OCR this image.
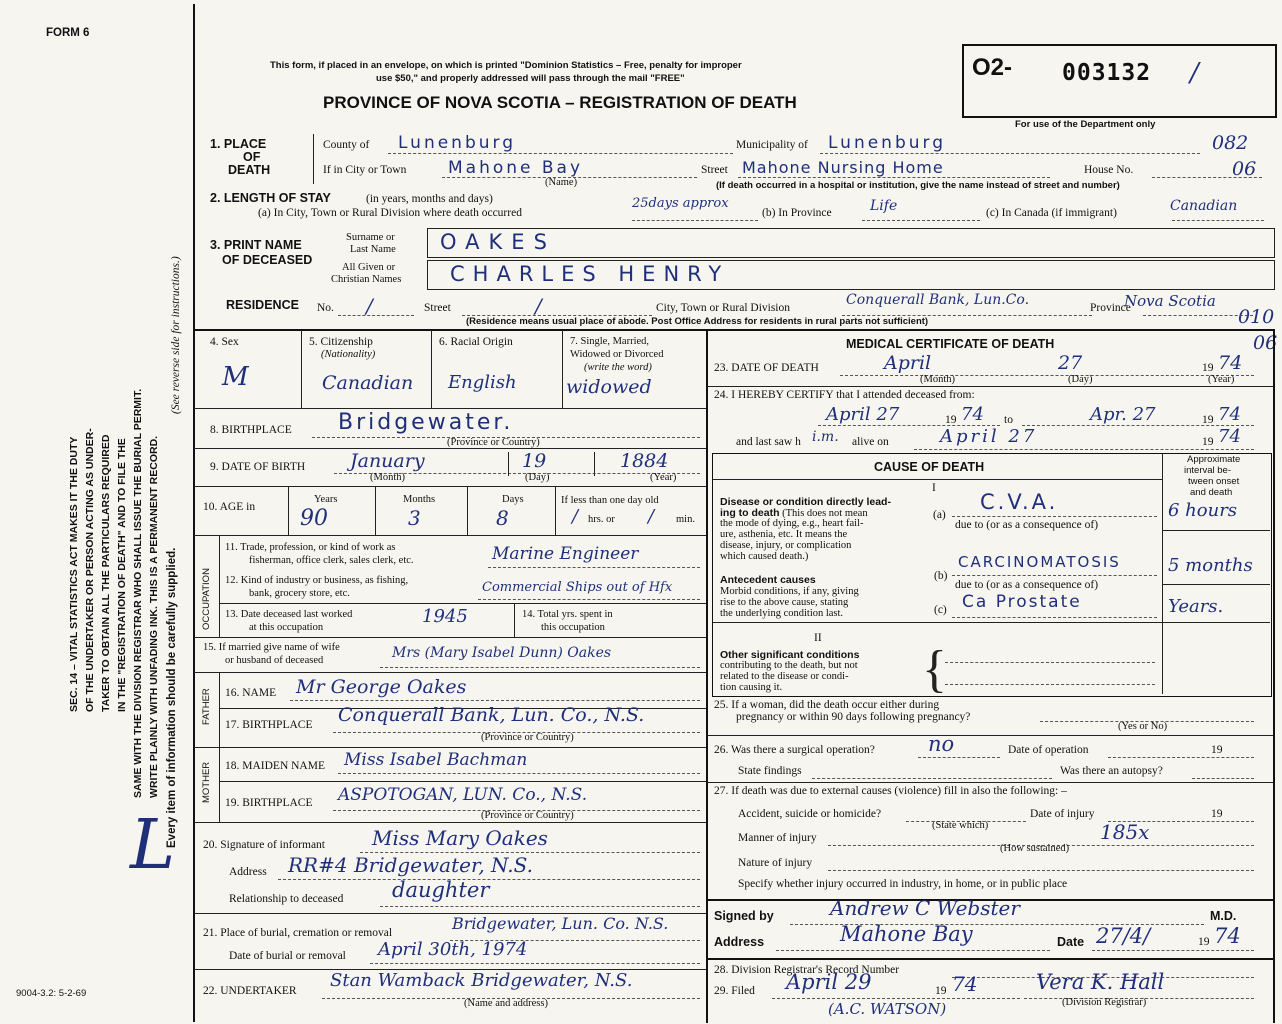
FORM 6
This form, if placed in an envelope, on which is printed "Dominion Statistics – Free, penalty for improper
use $50," and properly addressed will pass through the mail "FREE"
PROVINCE OF NOVA SCOTIA – REGISTRATION OF DEATH
O2- 003132 /
For use of the Department only
082
06
010
06
SEC. 14 – VITAL STATISTICS ACT MAKES IT THE DUTY OF THE UNDERTAKER OR PERSON ACTING AS UNDER- TAKER TO OBTAIN ALL THE PARTICULARS REQUIRED IN THE "REGISTRATION OF DEATH" AND TO FILE THE SAME WITH THE DIVISION REGISTRAR WHO SHALL ISSUE THE BURIAL PERMIT. WRITE PLAINLY WITH UNFADING INK. THIS IS A PERMANENT RECORD. Every item of information should be carefully supplied.
(See reverse side for instructions.)
L
9004-3.2: 5-2-69
1. PLACE
OF
DEATH
County of Lunenburg	Municipality of Lunenburg
If in City or Town Mahone Bay
(Name)
Street Mahone Nursing Home	House No.
(If death occurred in a hospital or institution, give the name instead of street and number)
2. LENGTH OF STAY	(in years, months and days)
(a) In City, Town or Rural Division where death occurred
25days approx
(b) In Province	Life	(c) In Canada (if immigrant)	Canadian
3. PRINT NAME
OF DECEASED
Surname or
Last Name OAKES
All Given or
Christian Names CHARLES HENRY
RESIDENCE No. /	Street	/	City, Town or Rural Division	Conquerall Bank, Lun.Co.	Province
Nova Scotia
(Residence means usual place of abode. Post Office Address for residents in rural parts not sufficient)
4. Sex
M
5. Citizenship
(Nationality)
Canadian
6. Racial Origin
English
7. Single, Married,
Widowed or Divorced
(write the word)
widowed
8. BIRTHPLACE Bridgewater.
(Province or Country)
9. DATE OF BIRTH January	19	1884
(Month)	(Day)	(Year)
10. AGE in
Years	Months	Days
90	3	8
If less than one day old
/ hrs. or / min.
OCCUPATION
11. Trade, profession, or kind of work as
fisherman, office clerk, sales clerk, etc.	Marine Engineer
12. Kind of industry or business, as fishing,
bank, grocery store, etc.	Commercial Ships out of Hfx
13. Date deceased last worked
at this occupation
1945	14. Total yrs. spent in
this occupation
15. If married give name of wife
or husband of deceased	Mrs (Mary Isabel Dunn) Oakes
FATHER 16. NAME Mr George Oakes
17. BIRTHPLACE Conquerall Bank, Lun. Co., N.S.
(Province or Country)
MOTHER 18. MAIDEN NAME Miss Isabel Bachman
19. BIRTHPLACE ASPOTOGAN, LUN. Co., N.S.
(Province or Country)
20. Signature of informant Miss Mary Oakes
Address RR#4 Bridgewater, N.S.
Relationship to deceased daughter
21. Place of burial, cremation or removal	Bridgewater, Lun. Co. N.S.
Date of burial or removal April 30th, 1974
22. UNDERTAKER Stan Wamback Bridgewater, N.S.
(Name and address)
MEDICAL CERTIFICATE OF DEATH
23. DATE OF DEATH	April	27	19 74
(Month)	(Day)	(Year)
24. I HEREBY CERTIFY that I attended deceased from:
April 27	19 74 to	Apr. 27	19 74
and last saw h i.m. alive on	April 27	19 74
CAUSE OF DEATH
Approximate
interval be-
tween onset
and death
I
Disease or condition directly lead-
ing to death (This does not mean
the mode of dying, e.g., heart fail-
ure, asthenia, etc. It means the
disease, injury, or complication
which caused death.)
(a)
C.V.A.
due to (or as a consequence of)
6 hours
Antecedent causes
Morbid conditions, if any, giving
rise to the above cause, stating
the underlying condition last.
(b)
CARCINOMATOSIS
due to (or as a consequence of)
5 months
(c) Ca Prostate	Years.
II
Other significant conditions
contributing to the death, but not
related to the disease or condi-
tion causing it.	{
25. If a woman, did the death occur either during
pregnancy or within 90 days following pregnancy?
(Yes or No)
26. Was there a surgical operation?	no	Date of operation	19
State findings	Was there an autopsy?
27. If death was due to external causes (violence) fill in also the following: –
Accident, suicide or homicide?	Date of injury	19
(State which)
Manner of injury	185x
(How sustained)
Nature of injury
Specify whether injury occurred in industry, in home, or in public place
Signed by	Andrew C Webster	M.D.
Address	Mahone Bay	Date 27/4/	19 74
28. Division Registrar's Record Number
29. Filed April 29	19 74	Vera K. Hall
(Division Registrar)
(A.C. WATSON)
